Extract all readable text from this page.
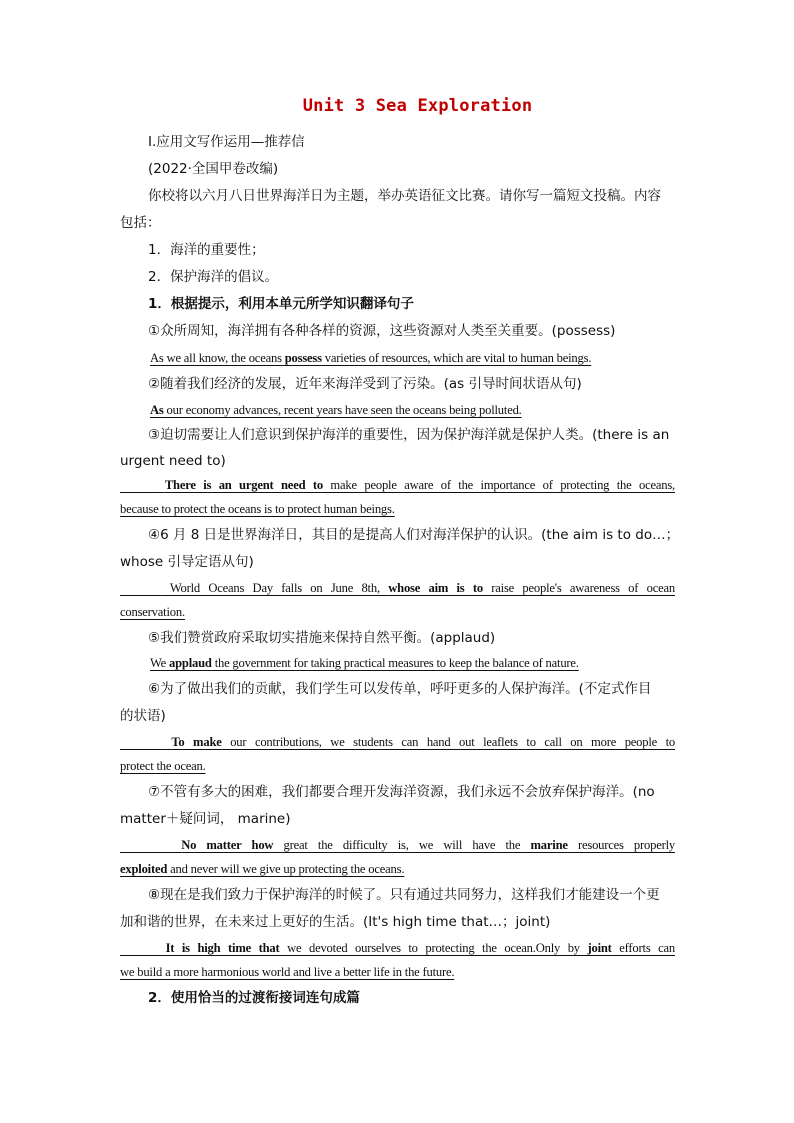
Unit 3 Sea Exploration
Ⅰ.应用文写作运用—推荐信
(2022·全国甲卷改编)
你校将以六月八日世界海洋日为主题，举办英语征文比赛。请你写一篇短文投稿。内容
包括：
1．海洋的重要性；
2．保护海洋的倡议。
1．根据提示，利用本单元所学知识翻译句子
①众所周知，海洋拥有各种各样的资源，这些资源对人类至关重要。(possess)
As we all know, the oceans possess varieties of resources, which are vital to human beings.
②随着我们经济的发展，近年来海洋受到了污染。(as 引导时间状语从句)
As our economy advances, recent years have seen the oceans being polluted.
③迫切需要让人们意识到保护海洋的重要性，因为保护海洋就是保护人类。(there is an
urgent need to)
There is an urgent need to make people aware of the importance of protecting the oceans,
because to protect the oceans is to protect human beings.
④6 月 8 日是世界海洋日，其目的是提高人们对海洋保护的认识。(the aim is to do…；
whose 引导定语从句)
World Oceans Day falls on June 8th, whose aim is to raise people's awareness of ocean
conservation.
⑤我们赞赏政府采取切实措施来保持自然平衡。(applaud)
We applaud the government for taking practical measures to keep the balance of nature.
⑥为了做出我们的贡献，我们学生可以发传单，呼吁更多的人保护海洋。(不定式作目
的状语)
To make our contributions, we students can hand out leaflets to call on more people to
protect the ocean.
⑦不管有多大的困难，我们都要合理开发海洋资源，我们永远不会放弃保护海洋。(no
matter＋疑问词， marine)
No matter how great the difficulty is, we will have the marine resources properly
exploited and never will we give up protecting the oceans.
⑧现在是我们致力于保护海洋的时候了。只有通过共同努力，这样我们才能建设一个更
加和谐的世界，在未来过上更好的生活。(It's high time that…；joint)
It is high time that we devoted ourselves to protecting the ocean.Only by joint efforts can
we build a more harmonious world and live a better life in the future.
2．使用恰当的过渡衔接词连句成篇
